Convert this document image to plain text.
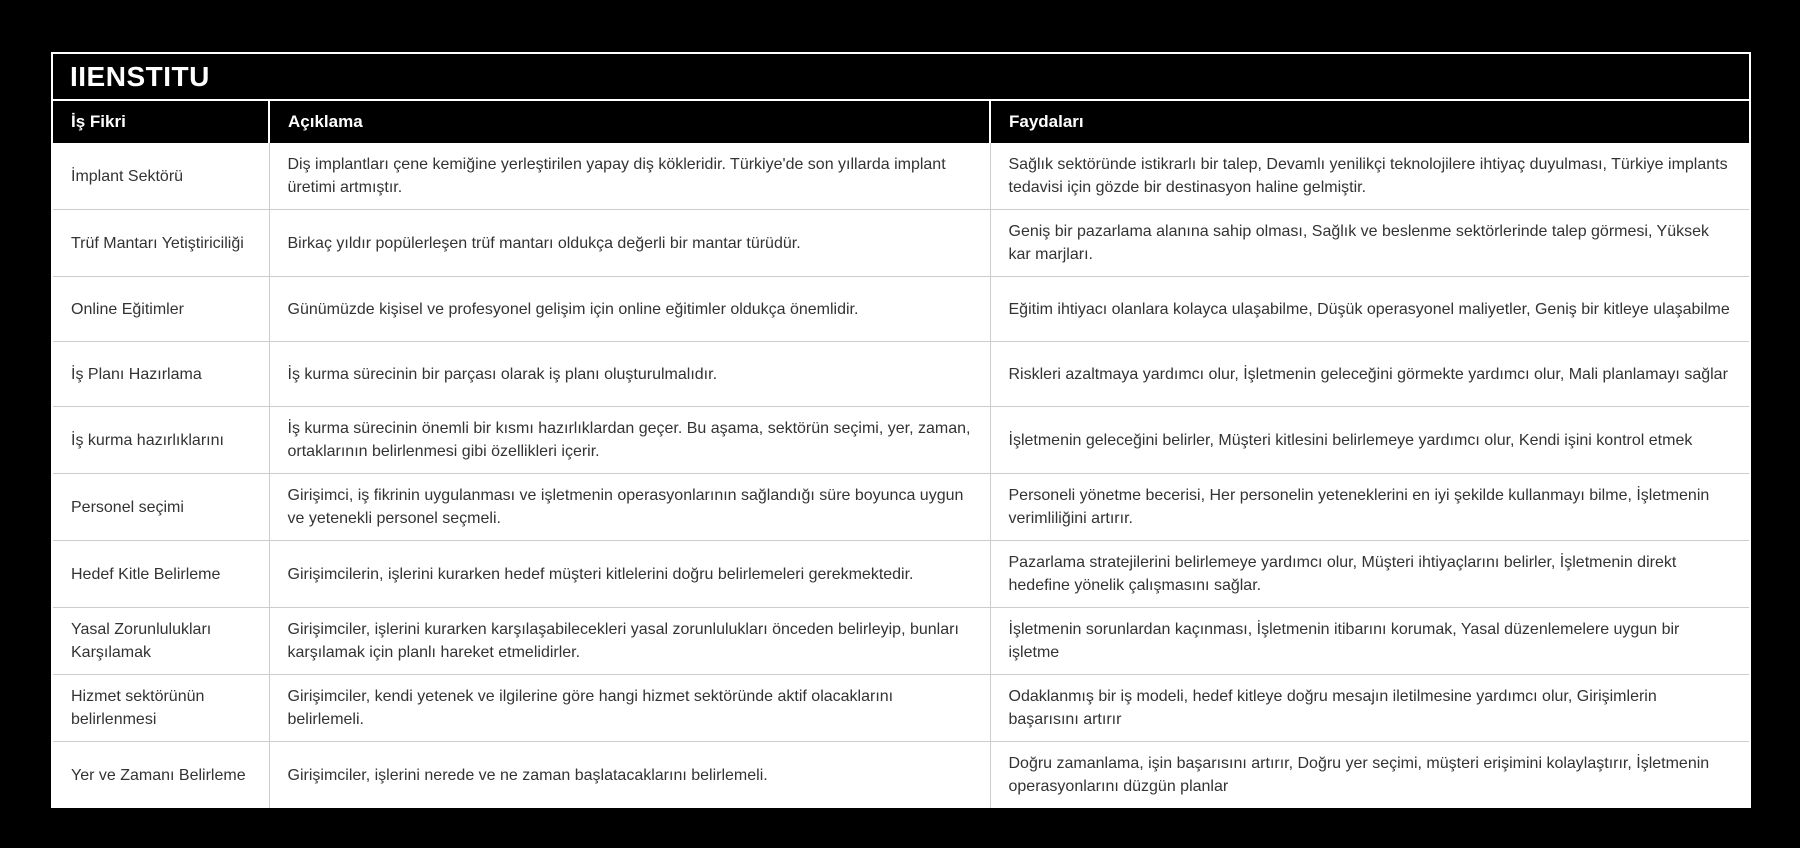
IIENSTITU
İş Fikri	Açıklama	Faydaları
İmplant Sektörü	Diş implantları çene kemiğine yerleştirilen yapay diş kökleridir. Türkiye'de son yıllarda implant üretimi artmıştır.	Sağlık sektöründe istikrarlı bir talep, Devamlı yenilikçi teknolojilere ihtiyaç duyulması, Türkiye implants tedavisi için gözde bir destinasyon haline gelmiştir.
Trüf Mantarı Yetiştiriciliği	Birkaç yıldır popülerleşen trüf mantarı oldukça değerli bir mantar türüdür.	Geniş bir pazarlama alanına sahip olması, Sağlık ve beslenme sektörlerinde talep görmesi, Yüksek kar marjları.
Online Eğitimler	Günümüzde kişisel ve profesyonel gelişim için online eğitimler oldukça önemlidir.	Eğitim ihtiyacı olanlara kolayca ulaşabilme, Düşük operasyonel maliyetler, Geniş bir kitleye ulaşabilme
İş Planı Hazırlama	İş kurma sürecinin bir parçası olarak iş planı oluşturulmalıdır.	Riskleri azaltmaya yardımcı olur, İşletmenin geleceğini görmekte yardımcı olur, Mali planlamayı sağlar
İş kurma hazırlıklarını	İş kurma sürecinin önemli bir kısmı hazırlıklardan geçer. Bu aşama, sektörün seçimi, yer, zaman, ortaklarının belirlenmesi gibi özellikleri içerir.	İşletmenin geleceğini belirler, Müşteri kitlesini belirlemeye yardımcı olur, Kendi işini kontrol etmek
Personel seçimi	Girişimci, iş fikrinin uygulanması ve işletmenin operasyonlarının sağlandığı süre boyunca uygun ve yetenekli personel seçmeli.	Personeli yönetme becerisi, Her personelin yeteneklerini en iyi şekilde kullanmayı bilme, İşletmenin verimliliğini artırır.
Hedef Kitle Belirleme	Girişimcilerin, işlerini kurarken hedef müşteri kitlelerini doğru belirlemeleri gerekmektedir.	Pazarlama stratejilerini belirlemeye yardımcı olur, Müşteri ihtiyaçlarını belirler, İşletmenin direkt hedefine yönelik çalışmasını sağlar.
Yasal Zorunlulukları Karşılamak	Girişimciler, işlerini kurarken karşılaşabilecekleri yasal zorunlulukları önceden belirleyip, bunları karşılamak için planlı hareket etmelidirler.	İşletmenin sorunlardan kaçınması, İşletmenin itibarını korumak, Yasal düzenlemelere uygun bir işletme
Hizmet sektörünün belirlenmesi	Girişimciler, kendi yetenek ve ilgilerine göre hangi hizmet sektöründe aktif olacaklarını belirlemeli.	Odaklanmış bir iş modeli, hedef kitleye doğru mesajın iletilmesine yardımcı olur, Girişimlerin başarısını artırır
Yer ve Zamanı Belirleme	Girişimciler, işlerini nerede ve ne zaman başlatacaklarını belirlemeli.	Doğru zamanlama, işin başarısını artırır, Doğru yer seçimi, müşteri erişimini kolaylaştırır, İşletmenin operasyonlarını düzgün planlar
